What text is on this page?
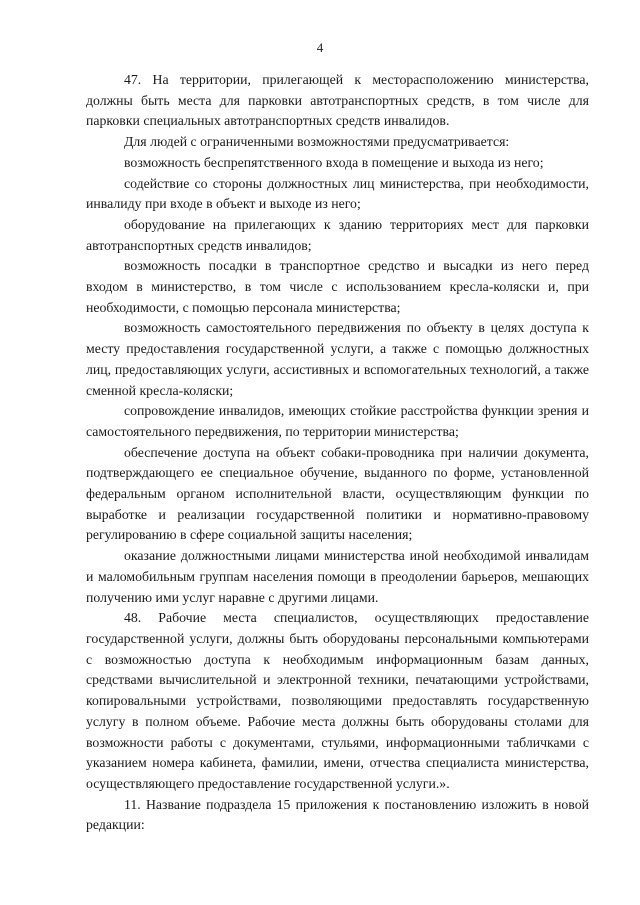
4

47. На территории, прилегающей к месторасположению министерства, должны быть места для парковки автотранспортных средств, в том числе для парковки специальных автотранспортных средств инвалидов.

Для людей с ограниченными возможностями предусматривается:

возможность беспрепятственного входа в помещение и выхода из него;

содействие со стороны должностных лиц министерства, при необходимости, инвалиду при входе в объект и выходе из него;

оборудование на прилегающих к зданию территориях мест для парковки автотранспортных средств инвалидов;

возможность посадки в транспортное средство и высадки из него перед входом в министерство, в том числе с использованием кресла-коляски и, при необходимости, с помощью персонала министерства;

возможность самостоятельного передвижения по объекту в целях доступа к месту предоставления государственной услуги, а также с помощью должностных лиц, предоставляющих услуги, ассистивных и вспомогательных технологий, а также сменной кресла-коляски;

сопровождение инвалидов, имеющих стойкие расстройства функции зрения и самостоятельного передвижения, по территории министерства;

обеспечение доступа на объект собаки-проводника при наличии документа, подтверждающего ее специальное обучение, выданного по форме, установленной федеральным органом исполнительной власти, осуществляющим функции по выработке и реализации государственной политики и нормативно-правовому регулированию в сфере социальной защиты населения;

оказание должностными лицами министерства иной необходимой инвалидам и маломобильным группам населения помощи в преодолении барьеров, мешающих получению ими услуг наравне с другими лицами.

48. Рабочие места специалистов, осуществляющих предоставление государственной услуги, должны быть оборудованы персональными компьютерами с возможностью доступа к необходимым информационным базам данных, средствами вычислительной и электронной техники, печатающими устройствами, копировальными устройствами, позволяющими предоставлять государственную услугу в полном объеме. Рабочие места должны быть оборудованы столами для возможности работы с документами, стульями, информационными табличками с указанием номера кабинета, фамилии, имени, отчества специалиста министерства, осуществляющего предоставление государственной услуги.».

11. Название подраздела 15 приложения к постановлению изложить в новой редакции:
